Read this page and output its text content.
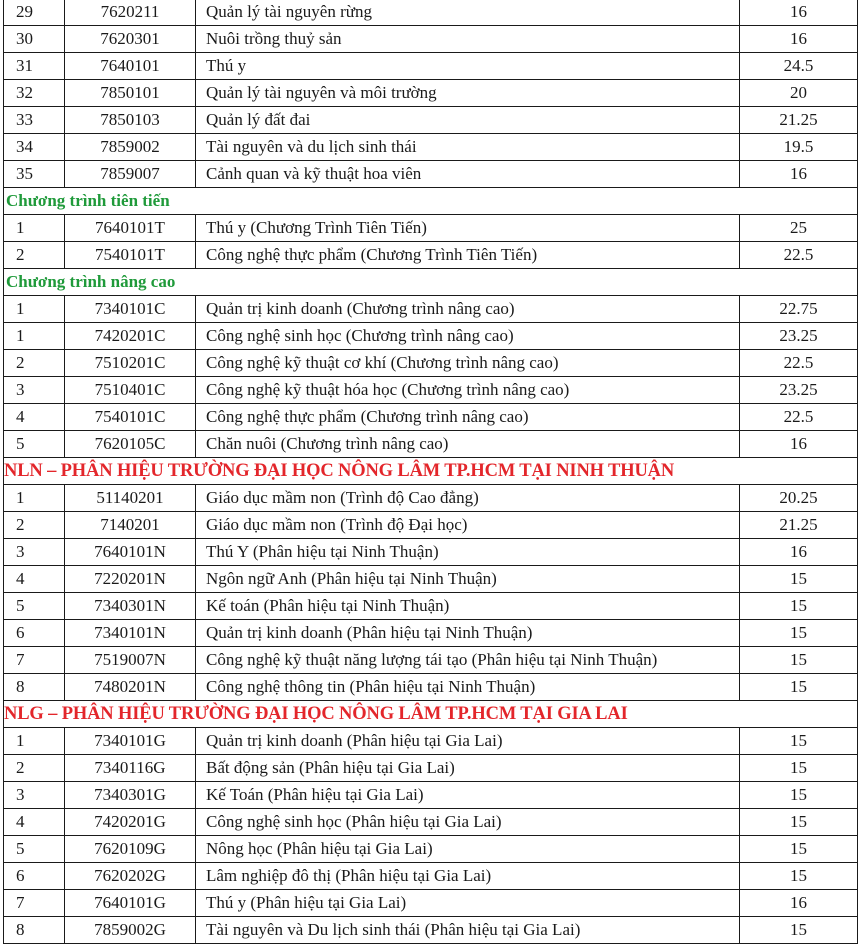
29	7620211	Quản lý tài nguyên rừng	16
30	7620301	Nuôi trồng thuỷ sản	16
31	7640101	Thú y	24.5
32	7850101	Quản lý tài nguyên và môi trường	20
33	7850103	Quản lý đất đai	21.25
34	7859002	Tài nguyên và du lịch sinh thái	19.5
35	7859007	Cảnh quan và kỹ thuật hoa viên	16
Chương trình tiên tiến			
1	7640101T	Thú y (Chương Trình Tiên Tiến)	25
2	7540101T	Công nghệ thực phẩm (Chương Trình Tiên Tiến)	22.5
Chương trình nâng cao			
1	7340101C	Quản trị kinh doanh (Chương trình nâng cao)	22.75
1	7420201C	Công nghệ sinh học (Chương trình nâng cao)	23.25
2	7510201C	Công nghệ kỹ thuật cơ khí (Chương trình nâng cao)	22.5
3	7510401C	Công nghệ kỹ thuật hóa học (Chương trình nâng cao)	23.25
4	7540101C	Công nghệ thực phẩm (Chương trình nâng cao)	22.5
5	7620105C	Chăn nuôi (Chương trình nâng cao)	16
NLN – PHÂN HIỆU TRƯỜNG ĐẠI HỌC NÔNG LÂM TP.HCM TẠI NINH THUẬN			
1	51140201	Giáo dục mầm non (Trình độ Cao đẳng)	20.25
2	7140201	Giáo dục mầm non (Trình độ Đại học)	21.25
3	7640101N	Thú Y (Phân hiệu tại Ninh Thuận)	16
4	7220201N	Ngôn ngữ Anh (Phân hiệu tại Ninh Thuận)	15
5	7340301N	Kế toán (Phân hiệu tại Ninh Thuận)	15
6	7340101N	Quản trị kinh doanh (Phân hiệu tại Ninh Thuận)	15
7	7519007N	Công nghệ kỹ thuật năng lượng tái tạo (Phân hiệu tại Ninh Thuận)	15
8	7480201N	Công nghệ thông tin (Phân hiệu tại Ninh Thuận)	15
NLG – PHÂN HIỆU TRƯỜNG ĐẠI HỌC NÔNG LÂM TP.HCM TẠI GIA LAI			
1	7340101G	Quản trị kinh doanh (Phân hiệu tại Gia Lai)	15
2	7340116G	Bất động sản (Phân hiệu tại Gia Lai)	15
3	7340301G	Kế Toán (Phân hiệu tại Gia Lai)	15
4	7420201G	Công nghệ sinh học (Phân hiệu tại Gia Lai)	15
5	7620109G	Nông học (Phân hiệu tại Gia Lai)	15
6	7620202G	Lâm nghiệp đô thị (Phân hiệu tại Gia Lai)	15
7	7640101G	Thú y (Phân hiệu tại Gia Lai)	16
8	7859002G	Tài nguyên và Du lịch sinh thái (Phân hiệu tại Gia Lai)	15
